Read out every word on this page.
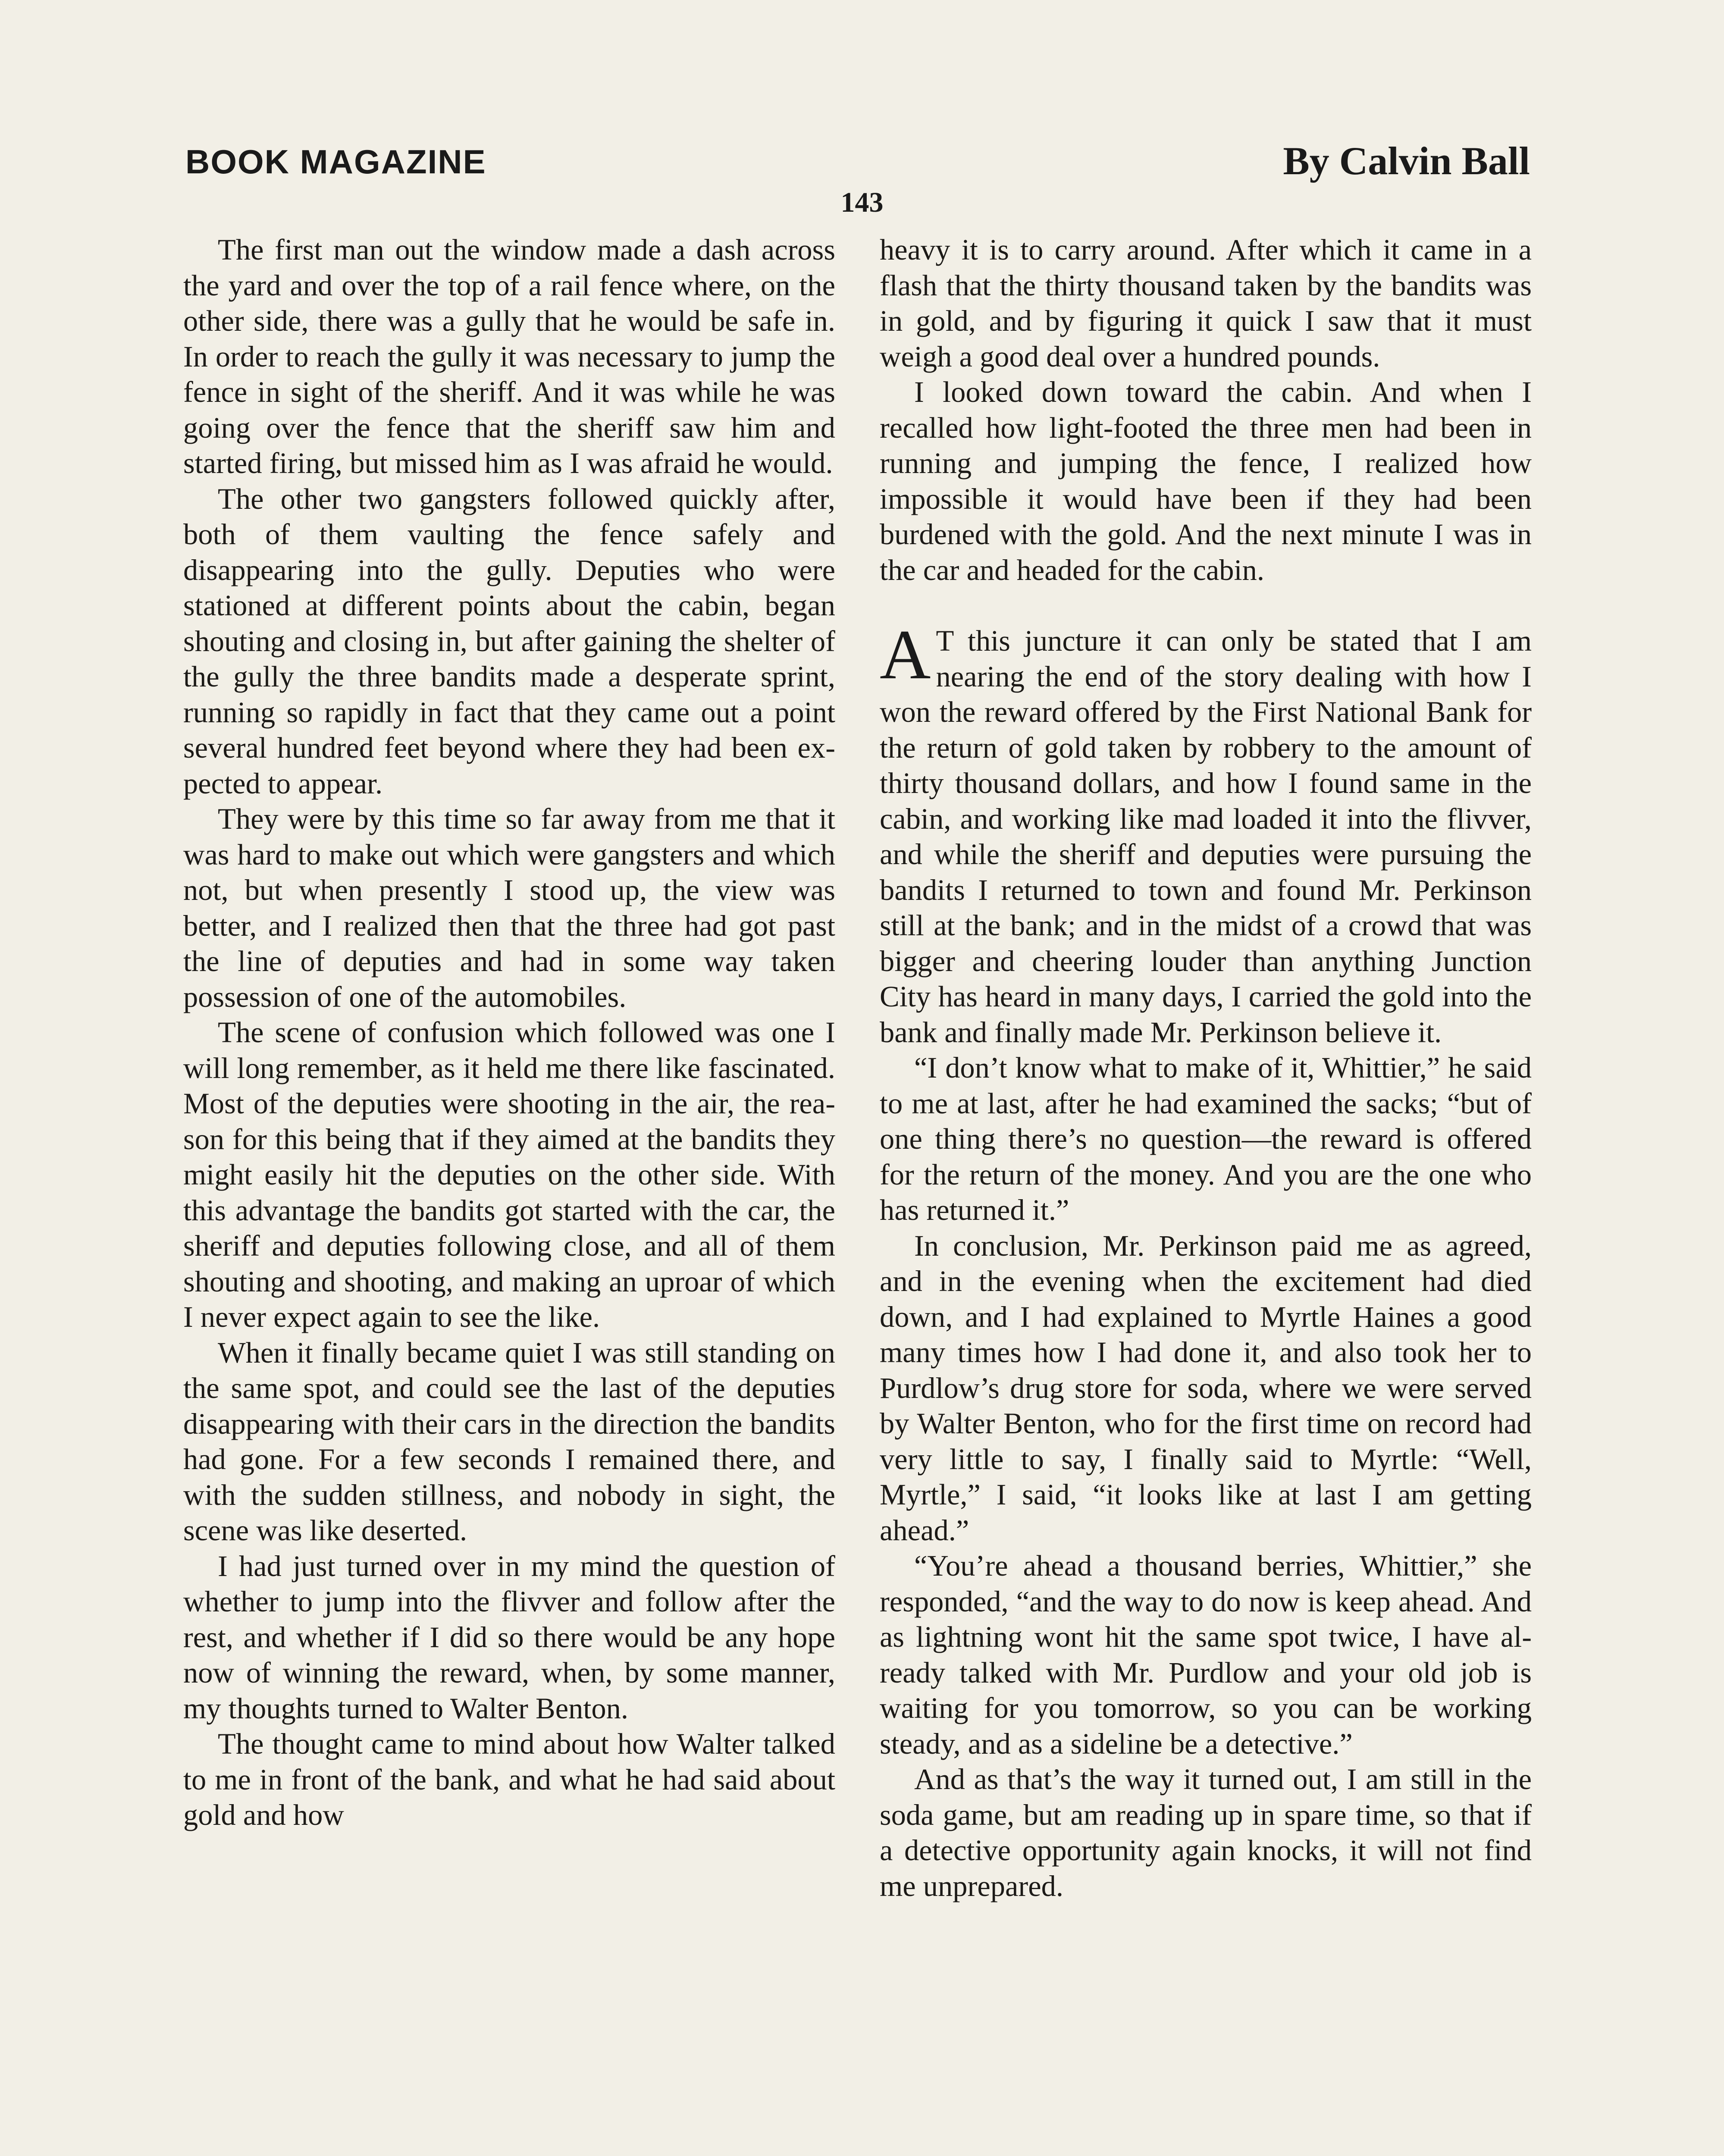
BOOK MAGAZINE	By Calvin Ball
143

The first man out the window made a dash across the yard and over the top of a rail fence where, on the other side, there was a gully that he would be safe in. In order to reach the gully it was necessary to jump the fence in sight of the sheriff. And it was while he was going over the fence that the sheriff saw him and started firing, but missed him as I was afraid he would.

The other two gangsters followed quickly after, both of them vaulting the fence safely and disappearing into the gully. Deputies who were stationed at different points about the cabin, began shouting and closing in, but after gaining the shelter of the gully the three bandits made a desperate sprint, running so rapidly in fact that they came out a point several hundred feet beyond where they had been expected to appear.

They were by this time so far away from me that it was hard to make out which were gangsters and which not, but when presently I stood up, the view was better, and I realized then that the three had got past the line of deputies and had in some way taken possession of one of the automobiles.

The scene of confusion which followed was one I will long remember, as it held me there like fascinated. Most of the deputies were shooting in the air, the reason for this being that if they aimed at the bandits they might easily hit the deputies on the other side. With this advantage the bandits got started with the car, the sheriff and deputies following close, and all of them shouting and shooting, and making an uproar of which I never expect again to see the like.

When it finally became quiet I was still standing on the same spot, and could see the last of the deputies disappearing with their cars in the direction the bandits had gone. For a few seconds I remained there, and with the sudden stillness, and nobody in sight, the scene was like deserted.

I had just turned over in my mind the question of whether to jump into the flivver and follow after the rest, and whether if I did so there would be any hope now of winning the reward, when, by some manner, my thoughts turned to Walter Benton.

The thought came to mind about how Walter talked to me in front of the bank, and what he had said about gold and how

heavy it is to carry around. After which it came in a flash that the thirty thousand taken by the bandits was in gold, and by figuring it quick I saw that it must weigh a good deal over a hundred pounds.

I looked down toward the cabin. And when I recalled how light-footed the three men had been in running and jumping the fence, I realized how impossible it would have been if they had been burdened with the gold. And the next minute I was in the car and headed for the cabin.

A T this juncture it can only be stated that I am nearing the end of the story dealing with how I won the reward offered by the First National Bank for the return of gold taken by robbery to the amount of thirty thousand dollars, and how I found same in the cabin, and working like mad loaded it into the flivver, and while the sheriff and deputies were pursuing the bandits I returned to town and found Mr. Perkinson still at the bank; and in the midst of a crowd that was bigger and cheering louder than anything Junction City has heard in many days, I carried the gold into the bank and finally made Mr. Perkinson believe it.

“I don’t know what to make of it, Whittier,” he said to me at last, after he had examined the sacks; “but of one thing there’s no question—the reward is offered for the return of the money. And you are the one who has returned it.”

In conclusion, Mr. Perkinson paid me as agreed, and in the evening when the excitement had died down, and I had explained to Myrtle Haines a good many times how I had done it, and also took her to Purdlow’s drug store for soda, where we were served by Walter Benton, who for the first time on record had very little to say, I finally said to Myrtle: “Well, Myrtle,” I said, “it looks like at last I am getting ahead.”

“You’re ahead a thousand berries, Whittier,” she responded, “and the way to do now is keep ahead. And as lightning wont hit the same spot twice, I have already talked with Mr. Purdlow and your old job is waiting for you tomorrow, so you can be working steady, and as a sideline be a detective.”

And as that’s the way it turned out, I am still in the soda game, but am reading up in spare time, so that if a detective opportunity again knocks, it will not find me unprepared.
